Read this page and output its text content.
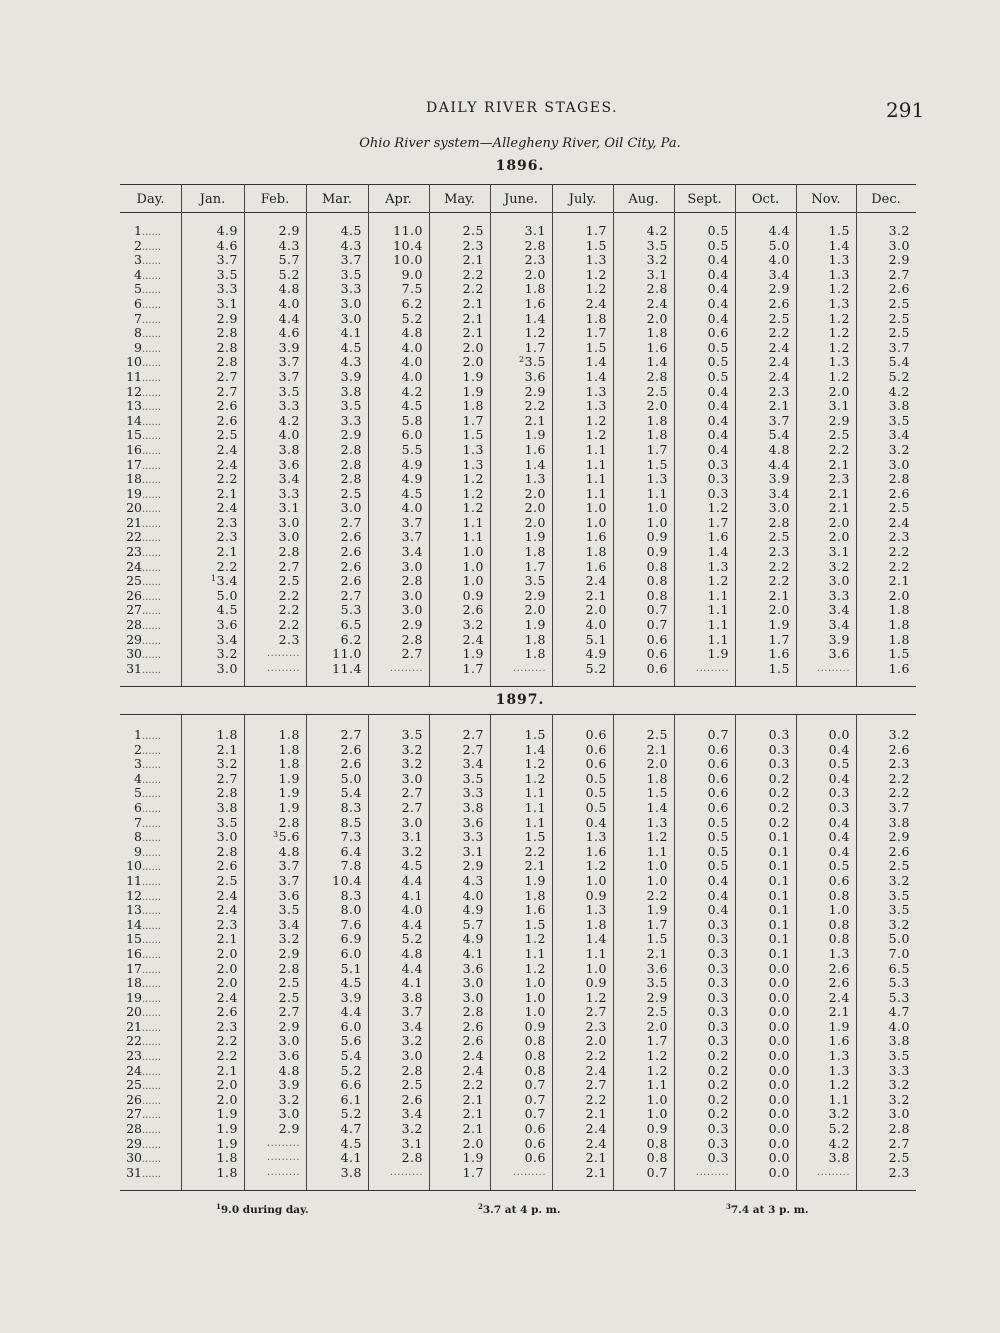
DAILY RIVER STAGES.	291
Ohio River system—Allegheny River, Oil City, Pa.
1896.
1897.
Day.	Jan.	Feb.	Mar.	Apr.	May.	June.	July.	Aug.	Sept.	Oct.	Nov.	Dec.
1......	4.9	2.9	4.5	11.0	2.5	3.1	1.7	4.2	0.5	4.4	1.5	3.2
2......	4.6	4.3	4.3	10.4	2.3	2.8	1.5	3.5	0.5	5.0	1.4	3.0
3......	3.7	5.7	3.7	10.0	2.1	2.3	1.3	3.2	0.4	4.0	1.3	2.9
4......	3.5	5.2	3.5	9.0	2.2	2.0	1.2	3.1	0.4	3.4	1.3	2.7
5......	3.3	4.8	3.3	7.5	2.2	1.8	1.2	2.8	0.4	2.9	1.2	2.6
6......	3.1	4.0	3.0	6.2	2.1	1.6	2.4	2.4	0.4	2.6	1.3	2.5
7......	2.9	4.4	3.0	5.2	2.1	1.4	1.8	2.0	0.4	2.5	1.2	2.5
8......	2.8	4.6	4.1	4.8	2.1	1.2	1.7	1.8	0.6	2.2	1.2	2.5
9......	2.8	3.9	4.5	4.0	2.0	1.7	1.5	1.6	0.5	2.4	1.2	3.7
10......	2.8	3.7	4.3	4.0	2.0	$^2$3.5	1.4	1.4	0.5	2.4	1.3	5.4
11......	2.7	3.7	3.9	4.0	1.9	3.6	1.4	2.8	0.5	2.4	1.2	5.2
12......	2.7	3.5	3.8	4.2	1.9	2.9	1.3	2.5	0.4	2.3	2.0	4.2
13......	2.6	3.3	3.5	4.5	1.8	2.2	1.3	2.0	0.4	2.1	3.1	3.8
14......	2.6	4.2	3.3	5.8	1.7	2.1	1.2	1.8	0.4	3.7	2.9	3.5
15......	2.5	4.0	2.9	6.0	1.5	1.9	1.2	1.8	0.4	5.4	2.5	3.4
16......	2.4	3.8	2.8	5.5	1.3	1.6	1.1	1.7	0.4	4.8	2.2	3.2
17......	2.4	3.6	2.8	4.9	1.3	1.4	1.1	1.5	0.3	4.4	2.1	3.0
18......	2.2	3.4	2.8	4.9	1.2	1.3	1.1	1.3	0.3	3.9	2.3	2.8
19......	2.1	3.3	2.5	4.5	1.2	2.0	1.1	1.1	0.3	3.4	2.1	2.6
20......	2.4	3.1	3.0	4.0	1.2	2.0	1.0	1.0	1.2	3.0	2.1	2.5
21......	2.3	3.0	2.7	3.7	1.1	2.0	1.0	1.0	1.7	2.8	2.0	2.4
22......	2.3	3.0	2.6	3.7	1.1	1.9	1.6	0.9	1.6	2.5	2.0	2.3
23......	2.1	2.8	2.6	3.4	1.0	1.8	1.8	0.9	1.4	2.3	3.1	2.2
24......	2.2	2.7	2.6	3.0	1.0	1.7	1.6	0.8	1.3	2.2	3.2	2.2
25......	$^1$3.4	2.5	2.6	2.8	1.0	3.5	2.4	0.8	1.2	2.2	3.0	2.1
26......	5.0	2.2	2.7	3.0	0.9	2.9	2.1	0.8	1.1	2.1	3.3	2.0
27......	4.5	2.2	5.3	3.0	2.6	2.0	2.0	0.7	1.1	2.0	3.4	1.8
28......	3.6	2.2	6.5	2.9	3.2	1.9	4.0	0.7	1.1	1.9	3.4	1.8
29......	3.4	2.3	6.2	2.8	2.4	1.8	5.1	0.6	1.1	1.7	3.9	1.8
30......	3.2	.........	11.0	2.7	1.9	1.8	4.9	0.6	1.9	1.6	3.6	1.5
31......	3.0	.........	11.4	.........	1.7	.........	5.2	0.6	.........	1.5	.........	1.6
1......	1.8	1.8	2.7	3.5	2.7	1.5	0.6	2.5	0.7	0.3	0.0	3.2
2......	2.1	1.8	2.6	3.2	2.7	1.4	0.6	2.1	0.6	0.3	0.4	2.6
3......	3.2	1.8	2.6	3.2	3.4	1.2	0.6	2.0	0.6	0.3	0.5	2.3
4......	2.7	1.9	5.0	3.0	3.5	1.2	0.5	1.8	0.6	0.2	0.4	2.2
5......	2.8	1.9	5.4	2.7	3.3	1.1	0.5	1.5	0.6	0.2	0.3	2.2
6......	3.8	1.9	8.3	2.7	3.8	1.1	0.5	1.4	0.6	0.2	0.3	3.7
7......	3.5	2.8	8.5	3.0	3.6	1.1	0.4	1.3	0.5	0.2	0.4	3.8
8......	3.0	$^3$5.6	7.3	3.1	3.3	1.5	1.3	1.2	0.5	0.1	0.4	2.9
9......	2.8	4.8	6.4	3.2	3.1	2.2	1.6	1.1	0.5	0.1	0.4	2.6
10......	2.6	3.7	7.8	4.5	2.9	2.1	1.2	1.0	0.5	0.1	0.5	2.5
11......	2.5	3.7	10.4	4.4	4.3	1.9	1.0	1.0	0.4	0.1	0.6	3.2
12......	2.4	3.6	8.3	4.1	4.0	1.8	0.9	2.2	0.4	0.1	0.8	3.5
13......	2.4	3.5	8.0	4.0	4.9	1.6	1.3	1.9	0.4	0.1	1.0	3.5
14......	2.3	3.4	7.6	4.4	5.7	1.5	1.8	1.7	0.3	0.1	0.8	3.2
15......	2.1	3.2	6.9	5.2	4.9	1.2	1.4	1.5	0.3	0.1	0.8	5.0
16......	2.0	2.9	6.0	4.8	4.1	1.1	1.1	2.1	0.3	0.1	1.3	7.0
17......	2.0	2.8	5.1	4.4	3.6	1.2	1.0	3.6	0.3	0.0	2.6	6.5
18......	2.0	2.5	4.5	4.1	3.0	1.0	0.9	3.5	0.3	0.0	2.6	5.3
19......	2.4	2.5	3.9	3.8	3.0	1.0	1.2	2.9	0.3	0.0	2.4	5.3
20......	2.6	2.7	4.4	3.7	2.8	1.0	2.7	2.5	0.3	0.0	2.1	4.7
21......	2.3	2.9	6.0	3.4	2.6	0.9	2.3	2.0	0.3	0.0	1.9	4.0
22......	2.2	3.0	5.6	3.2	2.6	0.8	2.0	1.7	0.3	0.0	1.6	3.8
23......	2.2	3.6	5.4	3.0	2.4	0.8	2.2	1.2	0.2	0.0	1.3	3.5
24......	2.1	4.8	5.2	2.8	2.4	0.8	2.4	1.2	0.2	0.0	1.3	3.3
25......	2.0	3.9	6.6	2.5	2.2	0.7	2.7	1.1	0.2	0.0	1.2	3.2
26......	2.0	3.2	6.1	2.6	2.1	0.7	2.2	1.0	0.2	0.0	1.1	3.2
27......	1.9	3.0	5.2	3.4	2.1	0.7	2.1	1.0	0.2	0.0	3.2	3.0
28......	1.9	2.9	4.7	3.2	2.1	0.6	2.4	0.9	0.3	0.0	5.2	2.8
29......	1.9	.........	4.5	3.1	2.0	0.6	2.4	0.8	0.3	0.0	4.2	2.7
30......	1.8	.........	4.1	2.8	1.9	0.6	2.1	0.8	0.3	0.0	3.8	2.5
31......	1.8	.........	3.8	.........	1.7	.........	2.1	0.7	.........	0.0	.........	2.3
$^1$9.0 during day.	$^2$3.7 at 4 p. m.	$^3$7.4 at 3 p. m.
